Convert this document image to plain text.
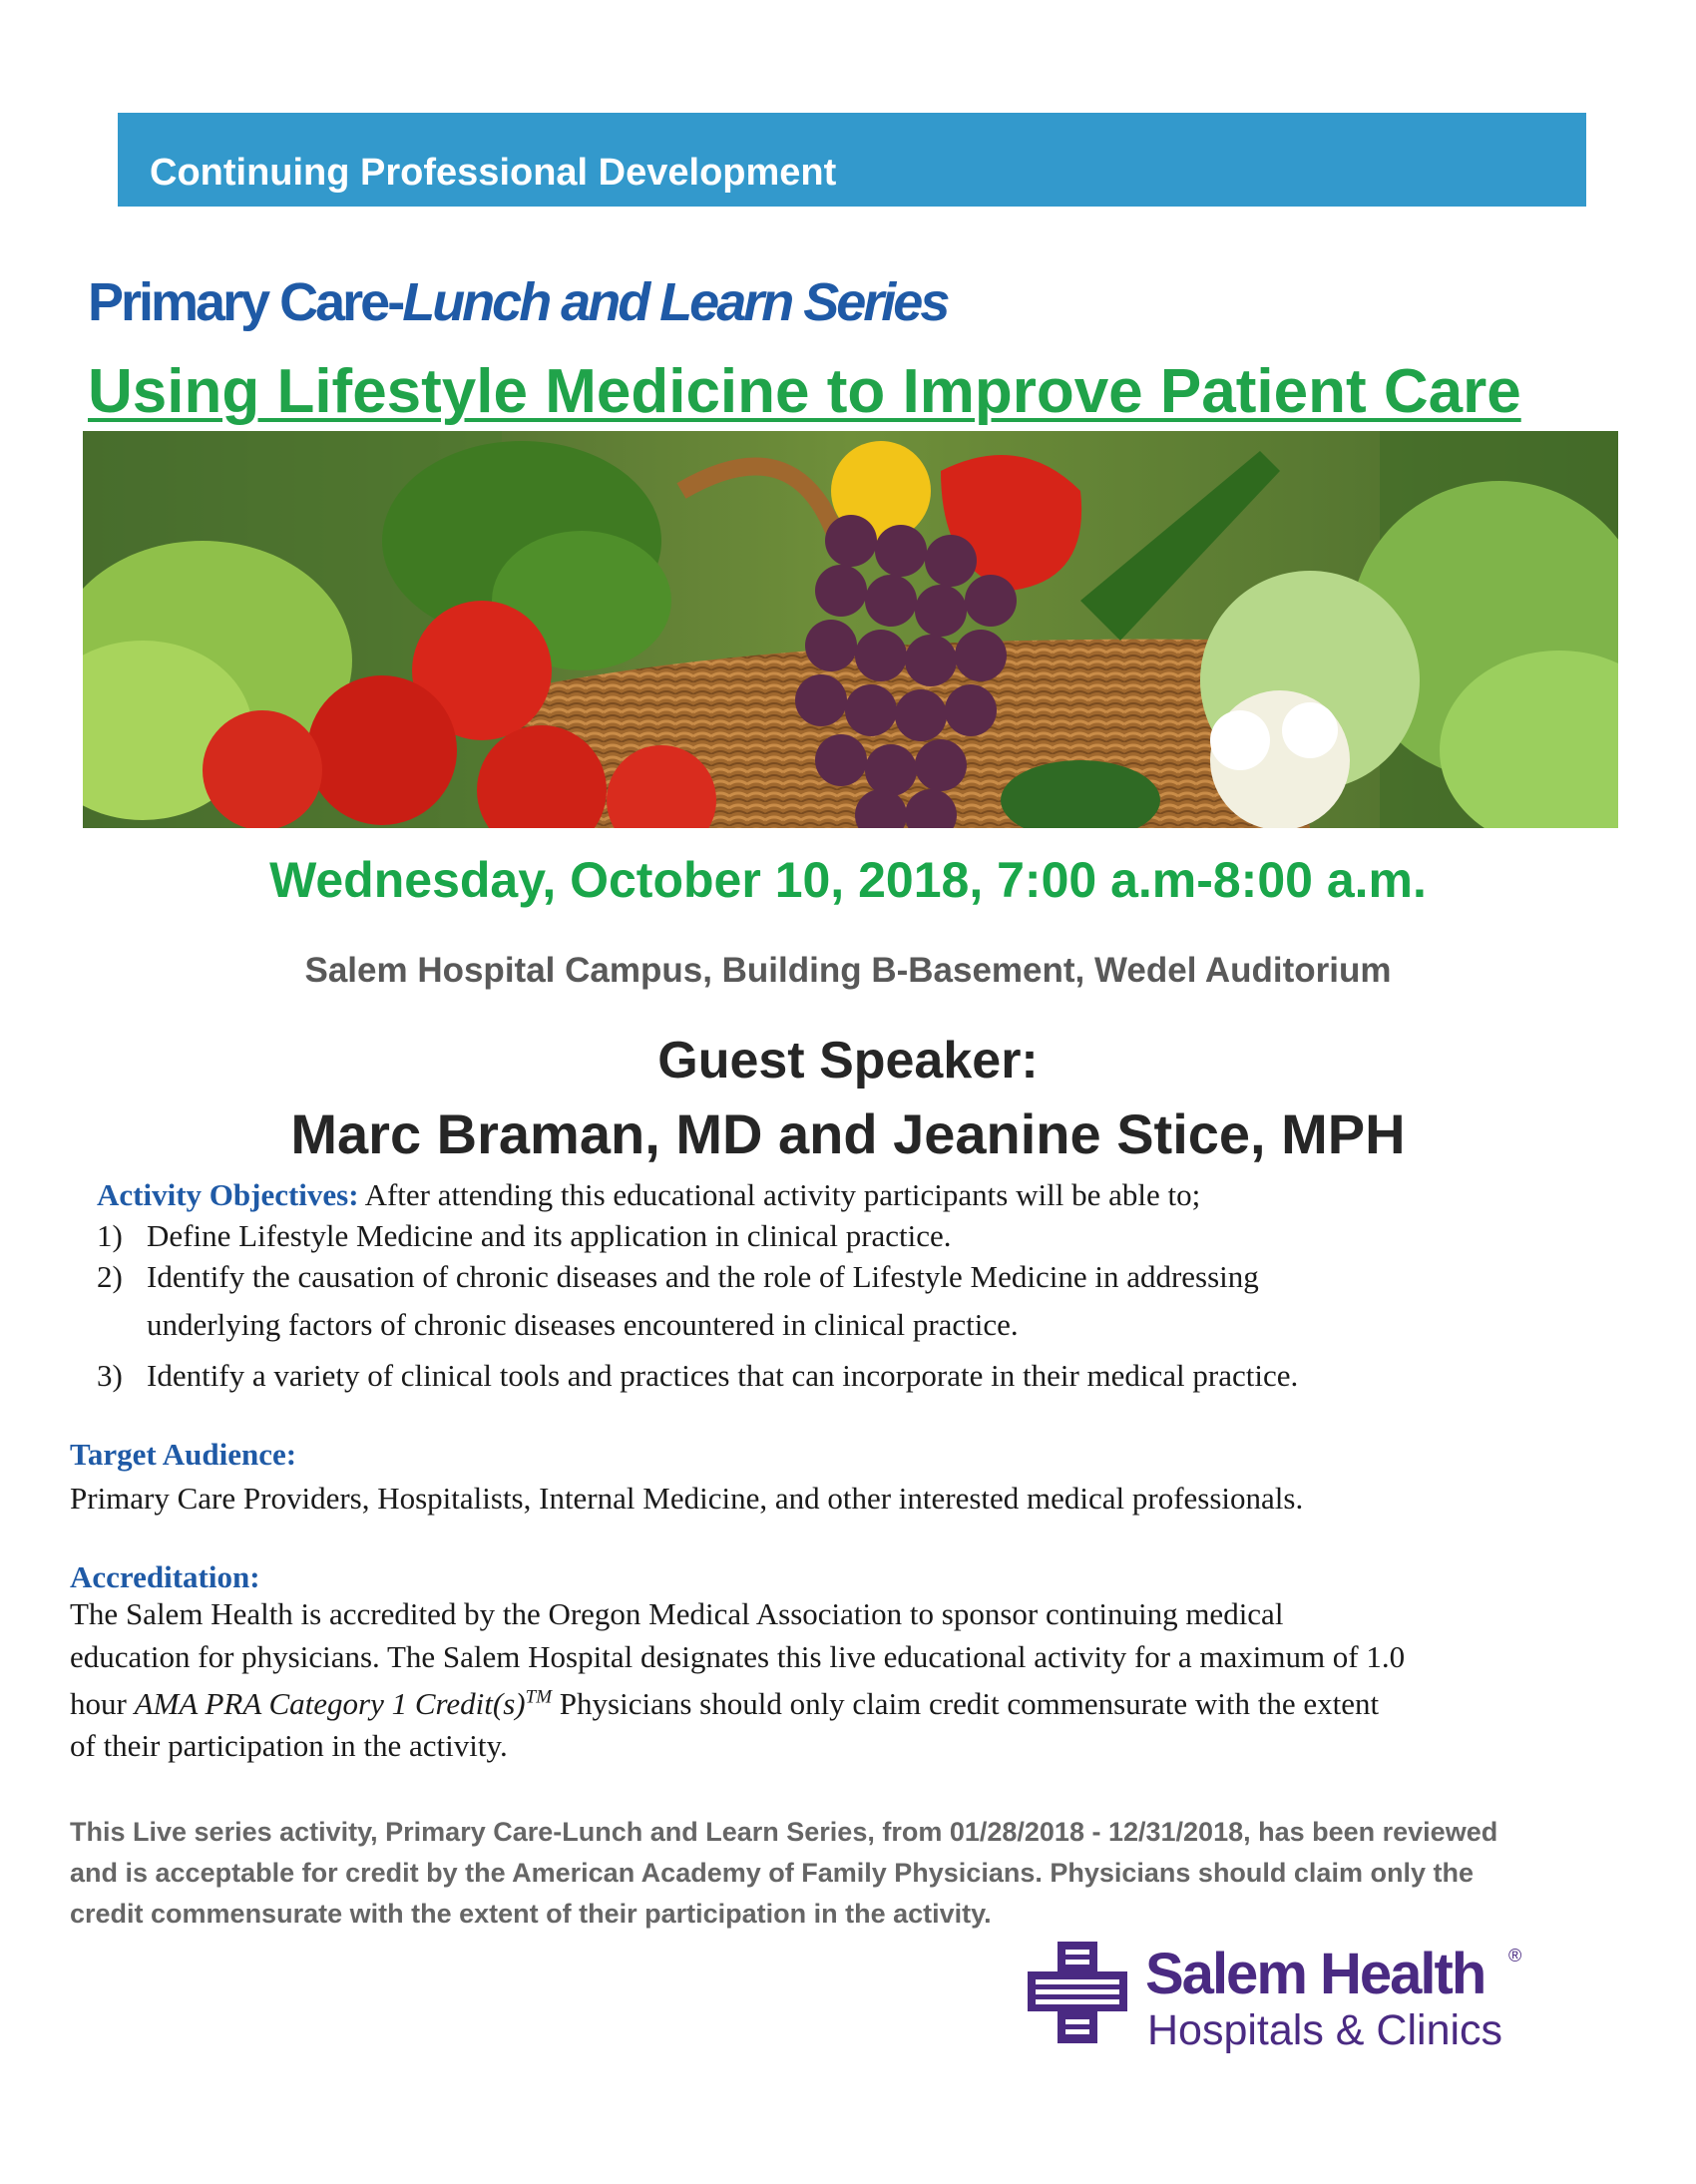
Continuing Professional Development
Primary Care-Lunch and Learn Series
Using Lifestyle Medicine to Improve Patient Care
Wednesday, October 10, 2018, 7:00 a.m-8:00 a.m.
Salem Hospital Campus, Building B-Basement, Wedel Auditorium
Guest Speaker:
Marc Braman, MD and Jeanine Stice, MPH
Activity Objectives: After attending this educational activity participants will be able to;
1) Define Lifestyle Medicine and its application in clinical practice.
2) Identify the causation of chronic diseases and the role of Lifestyle Medicine in addressing
underlying factors of chronic diseases encountered in clinical practice.
3) Identify a variety of clinical tools and practices that can incorporate in their medical practice.
Target Audience:
Primary Care Providers, Hospitalists, Internal Medicine, and other interested medical professionals.
Accreditation:
The Salem Health is accredited by the Oregon Medical Association to sponsor continuing medical
education for physicians. The Salem Hospital designates this live educational activity for a maximum of 1.0
hour AMA PRA Category 1 Credit(s)™ Physicians should only claim credit commensurate with the extent
of their participation in the activity.
This Live series activity, Primary Care-Lunch and Learn Series, from 01/28/2018 - 12/31/2018, has been reviewed
and is acceptable for credit by the American Academy of Family Physicians. Physicians should claim only the
credit commensurate with the extent of their participation in the activity.
Salem Health ®
Hospitals & Clinics
